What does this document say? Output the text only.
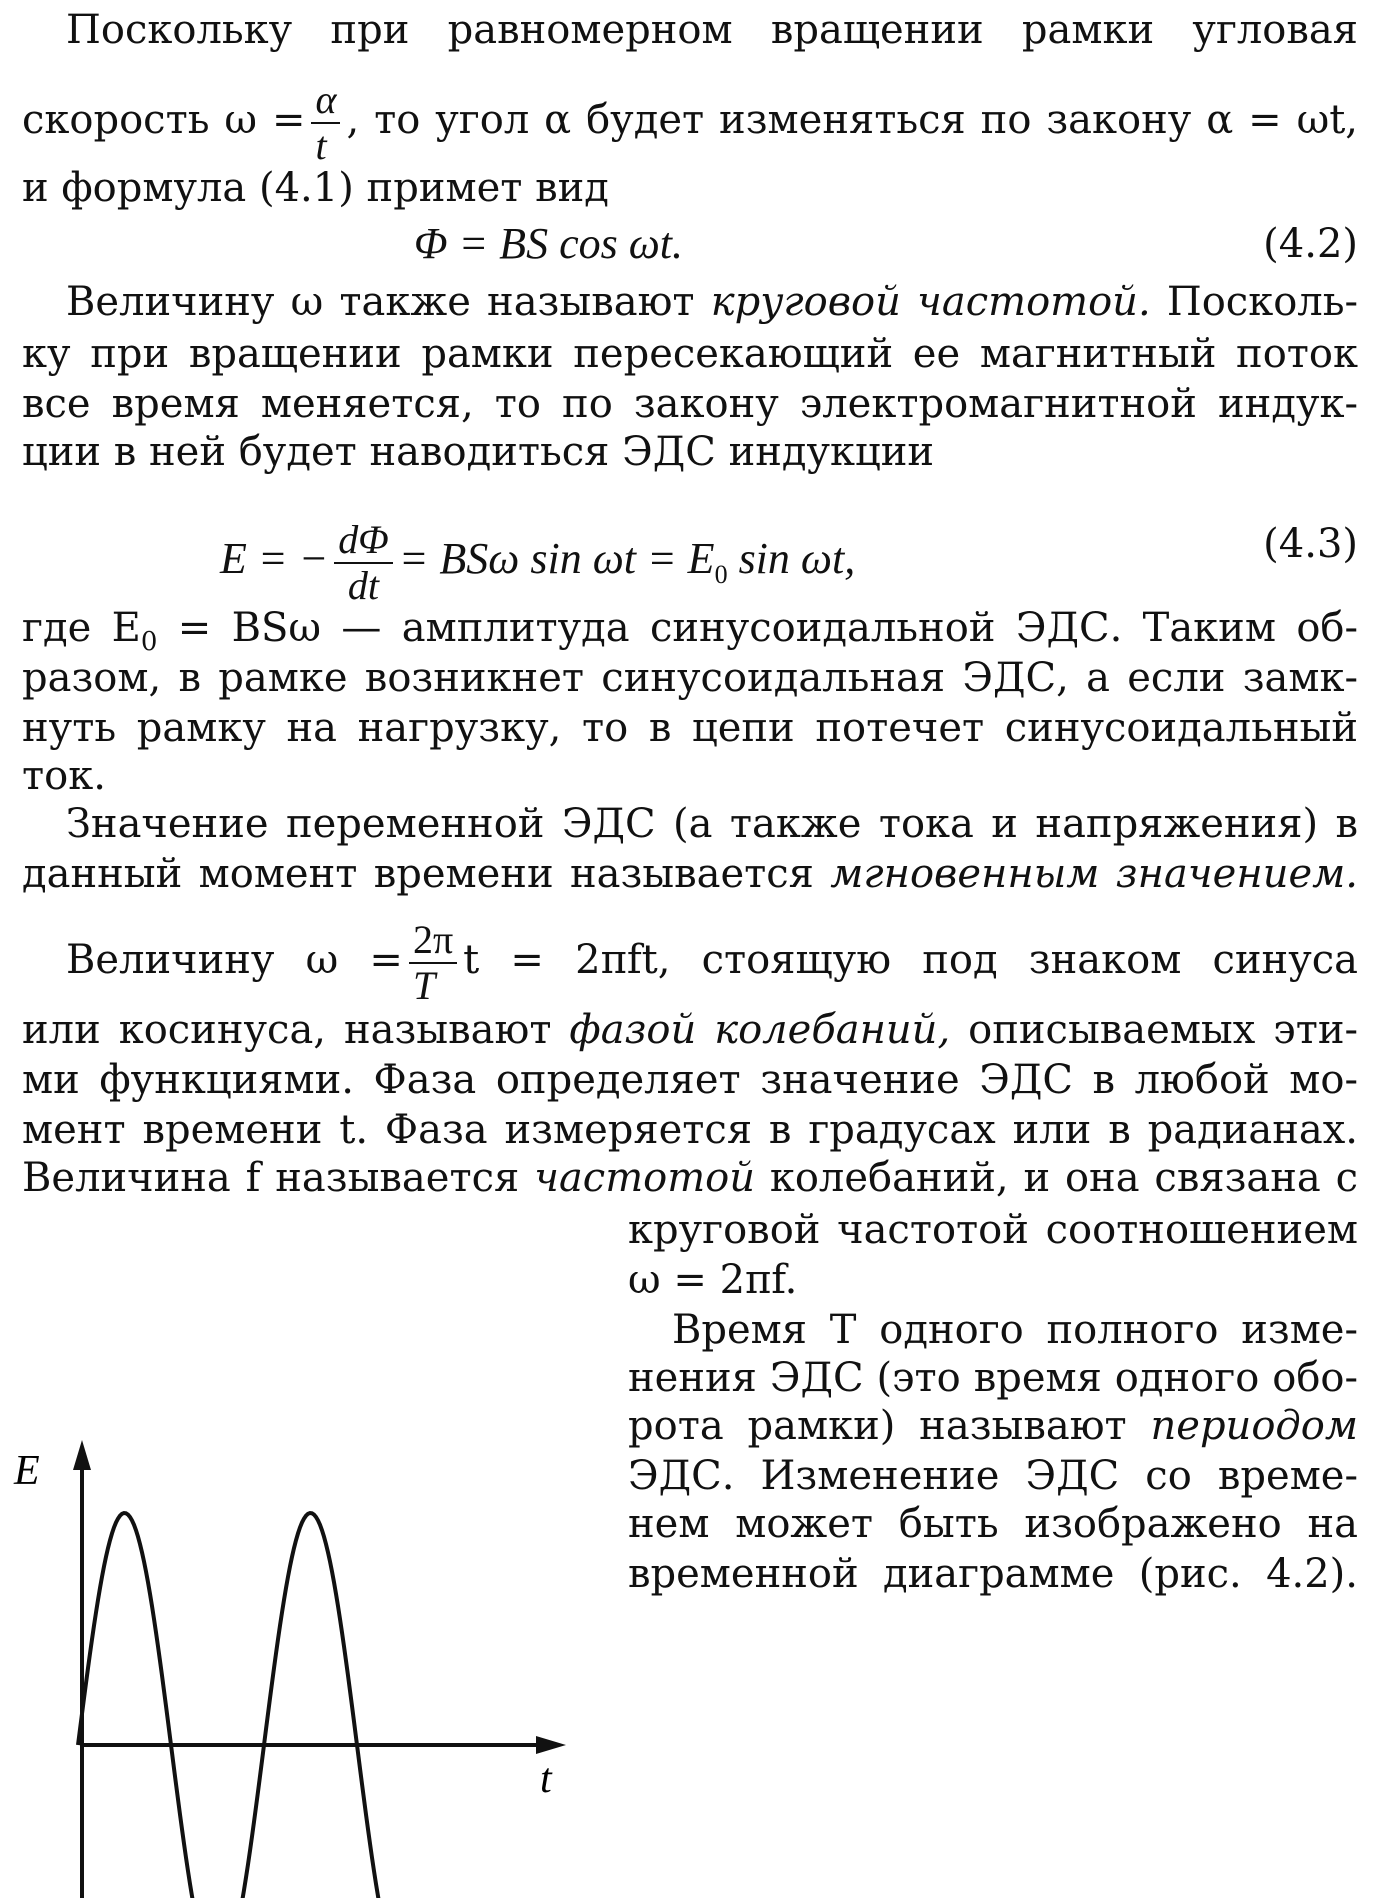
Поскольку при равномерном вращении рамки угловая
скорость $\omega = \frac{\alpha}{t}$ , то угол α будет изменяться по закону α = ωt,
и формула (4.1) примет вид
Φ = BS cos ωt.	(4.2)
Величину ω также называют круговой частотой. Посколь-
ку при вращении рамки пересекающий ее магнитный поток
все время меняется, то по закону электромагнитной индук-
ции в ней будет наводиться ЭДС индукции
E = − $\frac{d\Phi}{dt} = BS\omega$ $\sin \omega t = E_0$ sin ωt,	(4.3)
где $E_0 = BS\omega$ — амплитуда синусоидальной ЭДС. Таким об-
разом, в рамке возникнет синусоидальная ЭДС, а если замк-
нуть рамку на нагрузку, то в цепи потечет синусоидальный
ток.
Значение переменной ЭДС (а также тока и напряжения) в
данный момент времени называется мгновенным значением.
Величину $\omega = \frac{2\pi}{T}$ t = 2πft, стоящую под знаком синуса
или косинуса, называют фазой колебаний, описываемых эти-
ми функциями. Фаза определяет значение ЭДС в любой мо-
мент времени t. Фаза измеряется в градусах или в радианах.
Величина f называется частотой колебаний, и она связана с
круговой частотой соотношением
ω = 2πf.
Время T одного полного изме-
нения ЭДС (это время одного обо-
рота рамки) называют периодом
ЭДС. Изменение ЭДС со време-
нем может быть изображено на
временной диаграмме (рис. 4.2).
E
t
